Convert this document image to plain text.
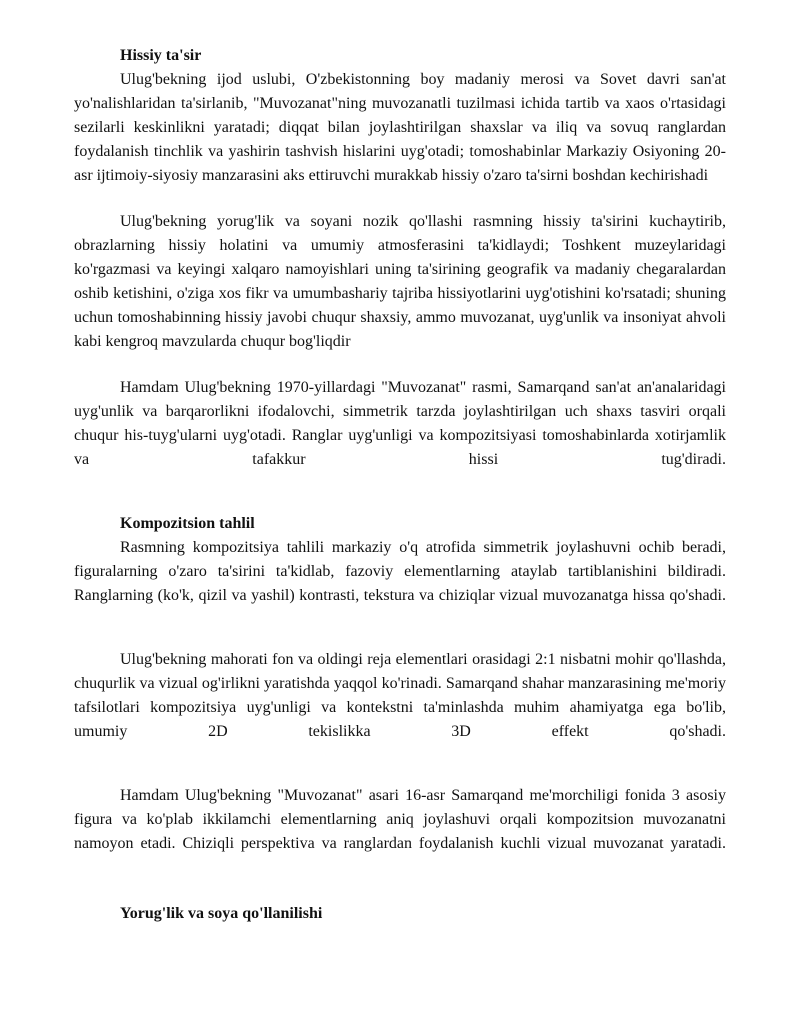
Hissiy ta'sir

Ulug'bekning ijod uslubi, O'zbekistonning boy madaniy merosi va Sovet davri san'at yo'nalishlaridan ta'sirlanib, "Muvozanat"ning muvozanatli tuzilmasi ichida tartib va xaos o'rtasidagi sezilarli keskinlikni yaratadi; diqqat bilan joylashtirilgan shaxslar va iliq va sovuq ranglardan foydalanish tinchlik va yashirin tashvish hislarini uyg'otadi; tomoshabinlar Markaziy Osiyoning 20-asr ijtimoiy-siyosiy manzarasini aks ettiruvchi murakkab hissiy o'zaro ta'sirni boshdan kechirishadi

Ulug'bekning yorug'lik va soyani nozik qo'llashi rasmning hissiy ta'sirini kuchaytirib, obrazlarning hissiy holatini va umumiy atmosferasini ta'kidlaydi; Toshkent muzeylaridagi ko'rgazmasi va keyingi xalqaro namoyishlari uning ta'sirining geografik va madaniy chegaralardan oshib ketishini, o'ziga xos fikr va umumbashariy tajriba hissiyotlarini uyg'otishini ko'rsatadi; shuning uchun tomoshabinning hissiy javobi chuqur shaxsiy, ammo muvozanat, uyg'unlik va insoniyat ahvoli kabi kengroq mavzularda chuqur bog'liqdir

Hamdam Ulug'bekning 1970-yillardagi "Muvozanat" rasmi, Samarqand san'at an'analaridagi uyg'unlik va barqarorlikni ifodalovchi, simmetrik tarzda joylashtirilgan uch shaxs tasviri orqali chuqur his-tuyg'ularni uyg'otadi. Ranglar uyg'unligi va kompozitsiyasi tomoshabinlarda xotirjamlik va tafakkur hissi tug'diradi.

Kompozitsion tahlil

Rasmning kompozitsiya tahlili markaziy o'q atrofida simmetrik joylashuvni ochib beradi, figuralarning o'zaro ta'sirini ta'kidlab, fazoviy elementlarning ataylab tartiblanishini bildiradi. Ranglarning (ko'k, qizil va yashil) kontrasti, tekstura va chiziqlar vizual muvozanatga hissa qo'shadi.

Ulug'bekning mahorati fon va oldingi reja elementlari orasidagi 2:1 nisbatni mohir qo'llashda, chuqurlik va vizual og'irlikni yaratishda yaqqol ko'rinadi. Samarqand shahar manzarasining me'moriy tafsilotlari kompozitsiya uyg'unligi va kontekstni ta'minlashda muhim ahamiyatga ega bo'lib, umumiy 2D tekislikka 3D effekt qo'shadi.

Hamdam Ulug'bekning "Muvozanat" asari 16-asr Samarqand me'morchiligi fonida 3 asosiy figura va ko'plab ikkilamchi elementlarning aniq joylashuvi orqali kompozitsion muvozanatni namoyon etadi. Chiziqli perspektiva va ranglardan foydalanish kuchli vizual muvozanat yaratadi.

Yorug'lik va soya qo'llanilishi
